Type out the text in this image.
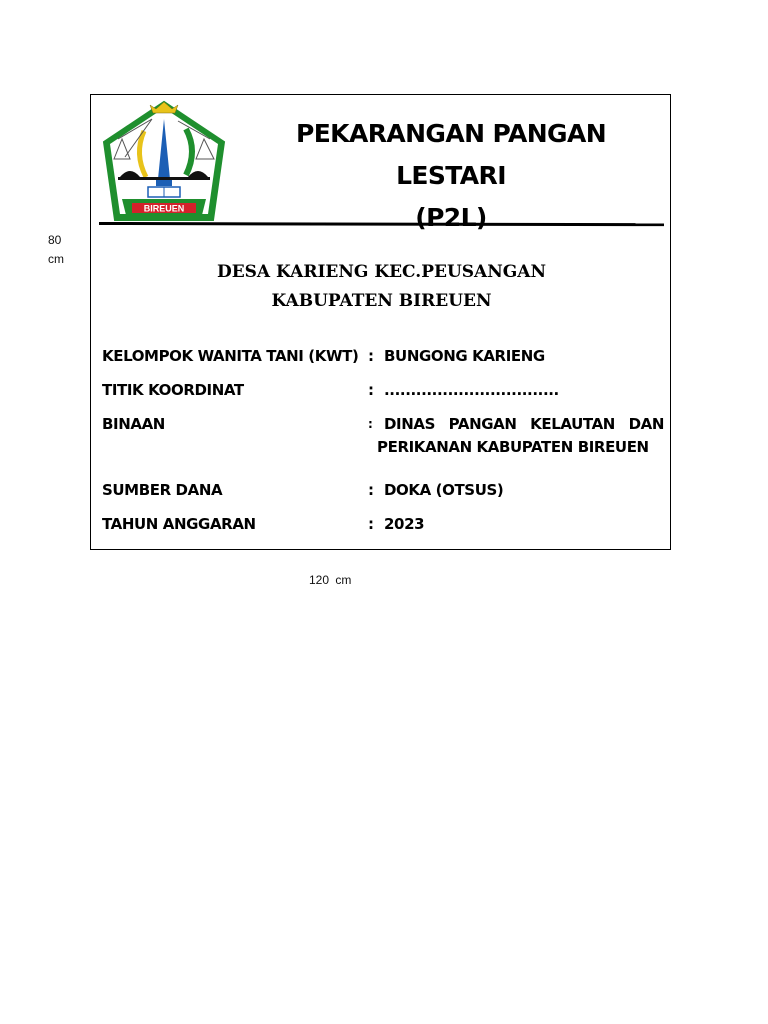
80
cm
BIREUEN
PEKARANGAN PANGAN LESTARI
(P2L)
DESA KARIENG KEC.PEUSANGAN
KABUPATEN BIREUEN
KELOMPOK WANITA TANI (KWT) : BUNGONG KARIENG
TITIK KOORDINAT	: .................................
BINAAN	: DINAS PANGAN KELAUTAN DAN
PERIKANAN KABUPATEN BIREUEN
SUMBER DANA	: DOKA (OTSUS)
TAHUN ANGGARAN	: 2023
120 cm
